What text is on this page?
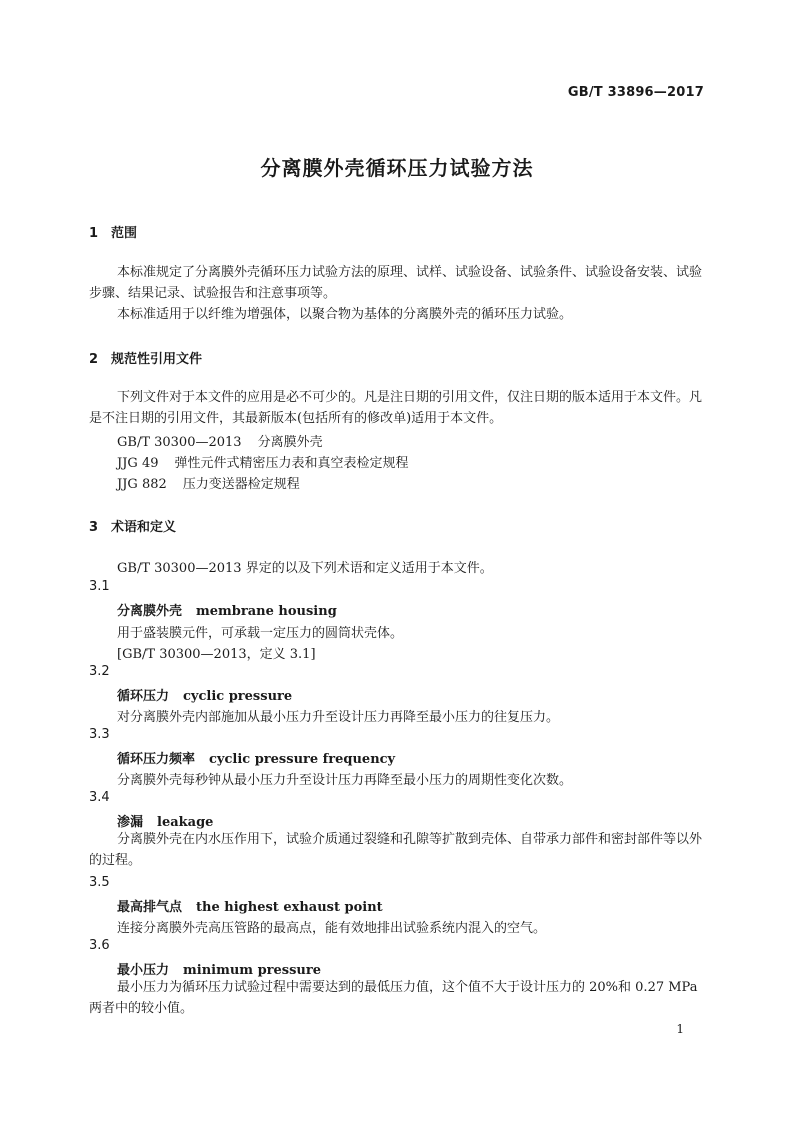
GB/T 33896—2017
分离膜外壳循环压力试验方法
1 范围
本标准规定了分离膜外壳循环压力试验方法的原理、试样、试验设备、试验条件、试验设备安装、试验步骤、结果记录、试验报告和注意事项等。
本标准适用于以纤维为增强体，以聚合物为基体的分离膜外壳的循环压力试验。
2 规范性引用文件
下列文件对于本文件的应用是必不可少的。凡是注日期的引用文件，仅注日期的版本适用于本文件。凡是不注日期的引用文件，其最新版本(包括所有的修改单)适用于本文件。
GB/T 30300—2013 分离膜外壳
JJG 49 弹性元件式精密压力表和真空表检定规程
JJG 882 压力变送器检定规程
3 术语和定义
GB/T 30300—2013 界定的以及下列术语和定义适用于本文件。
3.1
分离膜外壳 membrane housing
用于盛装膜元件，可承载一定压力的圆筒状壳体。
[GB/T 30300—2013，定义 3.1]
3.2
循环压力 cyclic pressure
对分离膜外壳内部施加从最小压力升至设计压力再降至最小压力的往复压力。
3.3
循环压力频率 cyclic pressure frequency
分离膜外壳每秒钟从最小压力升至设计压力再降至最小压力的周期性变化次数。
3.4
渗漏 leakage
分离膜外壳在内水压作用下，试验介质通过裂缝和孔隙等扩散到壳体、自带承力部件和密封部件等以外的过程。
3.5
最高排气点 the highest exhaust point
连接分离膜外壳高压管路的最高点，能有效地排出试验系统内混入的空气。
3.6
最小压力 minimum pressure
最小压力为循环压力试验过程中需要达到的最低压力值，这个值不大于设计压力的 20%和 0.27 MPa 两者中的较小值。
1
